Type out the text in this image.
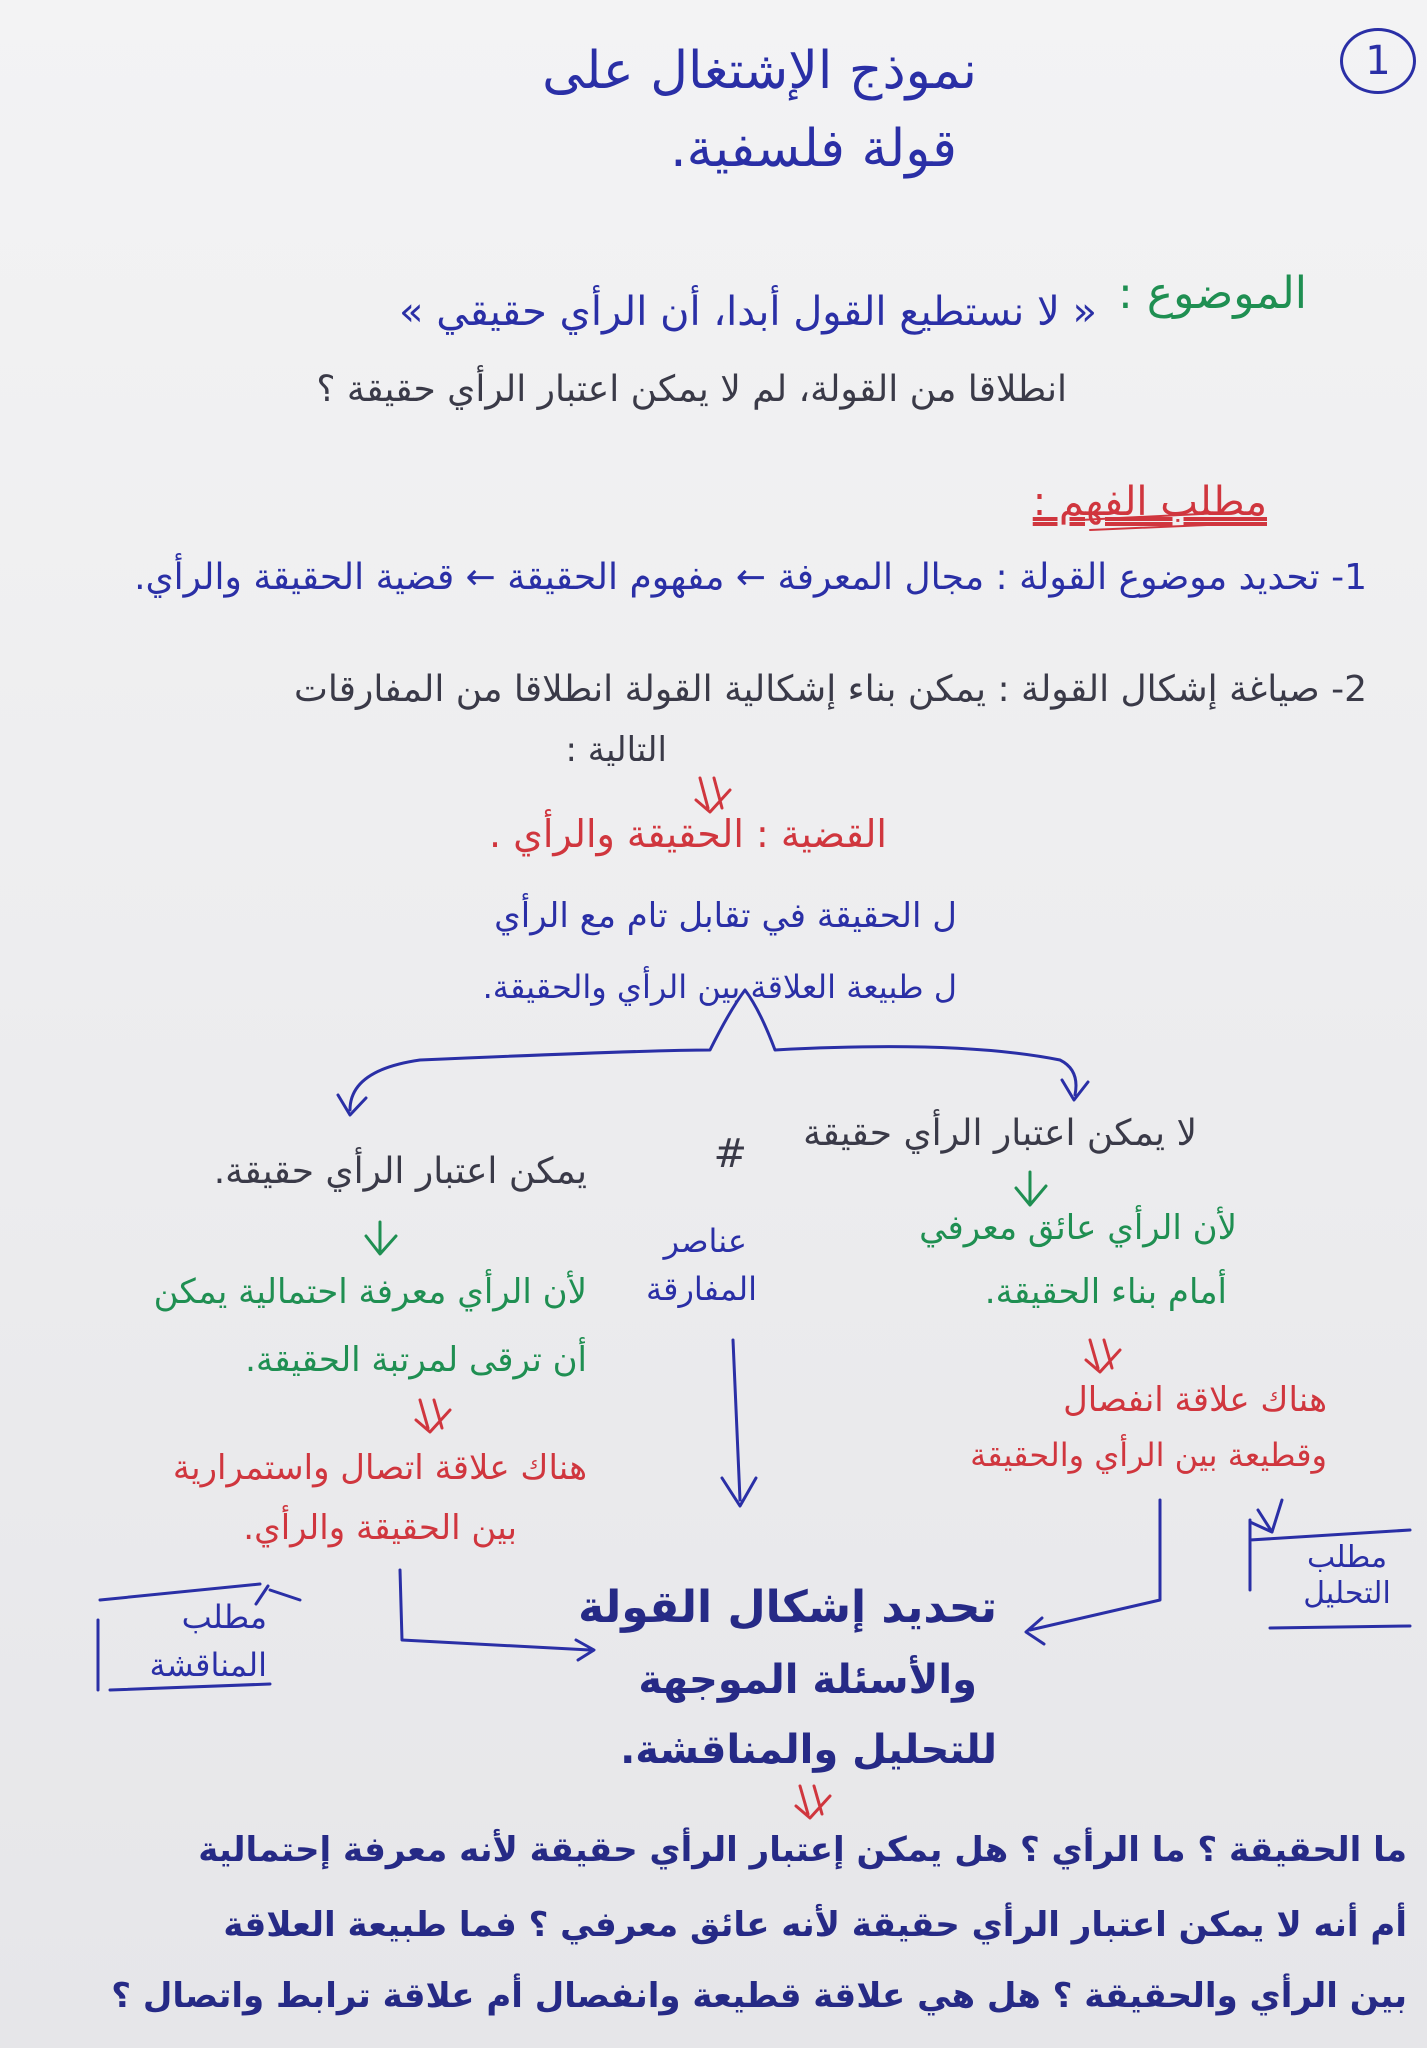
1
نموذج الإشتغال على
قولة فلسفية.
الموضوع :
« لا نستطيع القول أبدا، أن الرأي حقيقي »
انطلاقا من القولة، لم لا يمكن اعتبار الرأي حقيقة ؟
مطلب الفهم :
1- تحديد موضوع القولة : مجال المعرفة ← مفهوم الحقيقة ← قضية الحقيقة والرأي.
2- صياغة إشكال القولة : يمكن بناء إشكالية القولة انطلاقا من المفارقات
التالية :
القضية : الحقيقة والرأي .
ل الحقيقة في تقابل تام مع الرأي
ل طبيعة العلاقة بين الرأي والحقيقة.
لا يمكن اعتبار الرأي حقيقة
لأن الرأي عائق معرفي
أمام بناء الحقيقة.
هناك علاقة انفصال
وقطيعة بين الرأي والحقيقة
مطلب التحليل
#
عناصر
المفارقة
يمكن اعتبار الرأي حقيقة.
لأن الرأي معرفة احتمالية يمكن
أن ترقى لمرتبة الحقيقة.
هناك علاقة اتصال واستمرارية
بين الحقيقة والرأي.
مطلب
المناقشة
تحديد إشكال القولة
والأسئلة الموجهة
للتحليل والمناقشة.
ما الحقيقة ؟ ما الرأي ؟ هل يمكن إعتبار الرأي حقيقة لأنه معرفة إحتمالية
أم أنه لا يمكن اعتبار الرأي حقيقة لأنه عائق معرفي ؟ فما طبيعة العلاقة
بين الرأي والحقيقة ؟ هل هي علاقة قطيعة وانفصال أم علاقة ترابط واتصال ؟
